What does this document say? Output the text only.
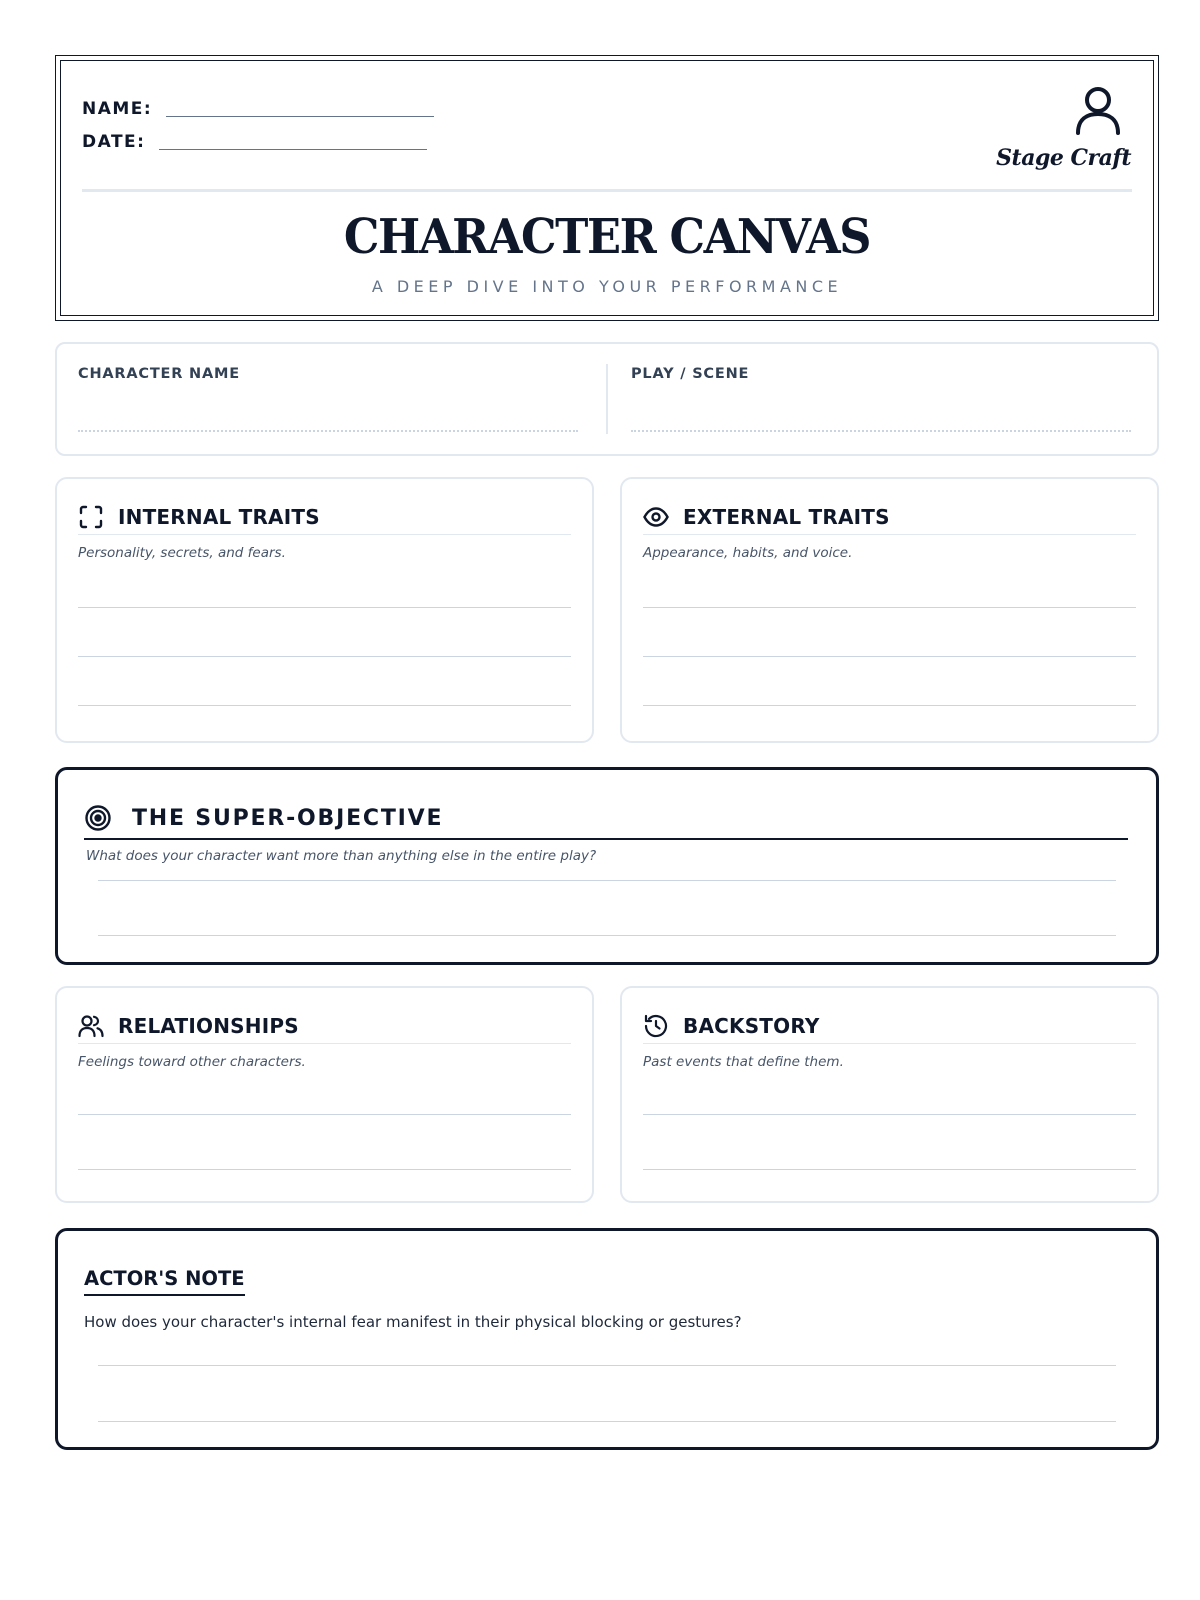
NAME:
DATE:
Stage Craft
CHARACTER CANVAS
A DEEP DIVE INTO YOUR PERFORMANCE
CHARACTER NAME	PLAY / SCENE
INTERNAL TRAITS
Personality, secrets, and fears.
EXTERNAL TRAITS
Appearance, habits, and voice.
THE SUPER-OBJECTIVE
What does your character want more than anything else in the entire play?
RELATIONSHIPS
Feelings toward other characters.
BACKSTORY
Past events that define them.
ACTOR'S NOTE
How does your character's internal fear manifest in their physical blocking or gestures?
